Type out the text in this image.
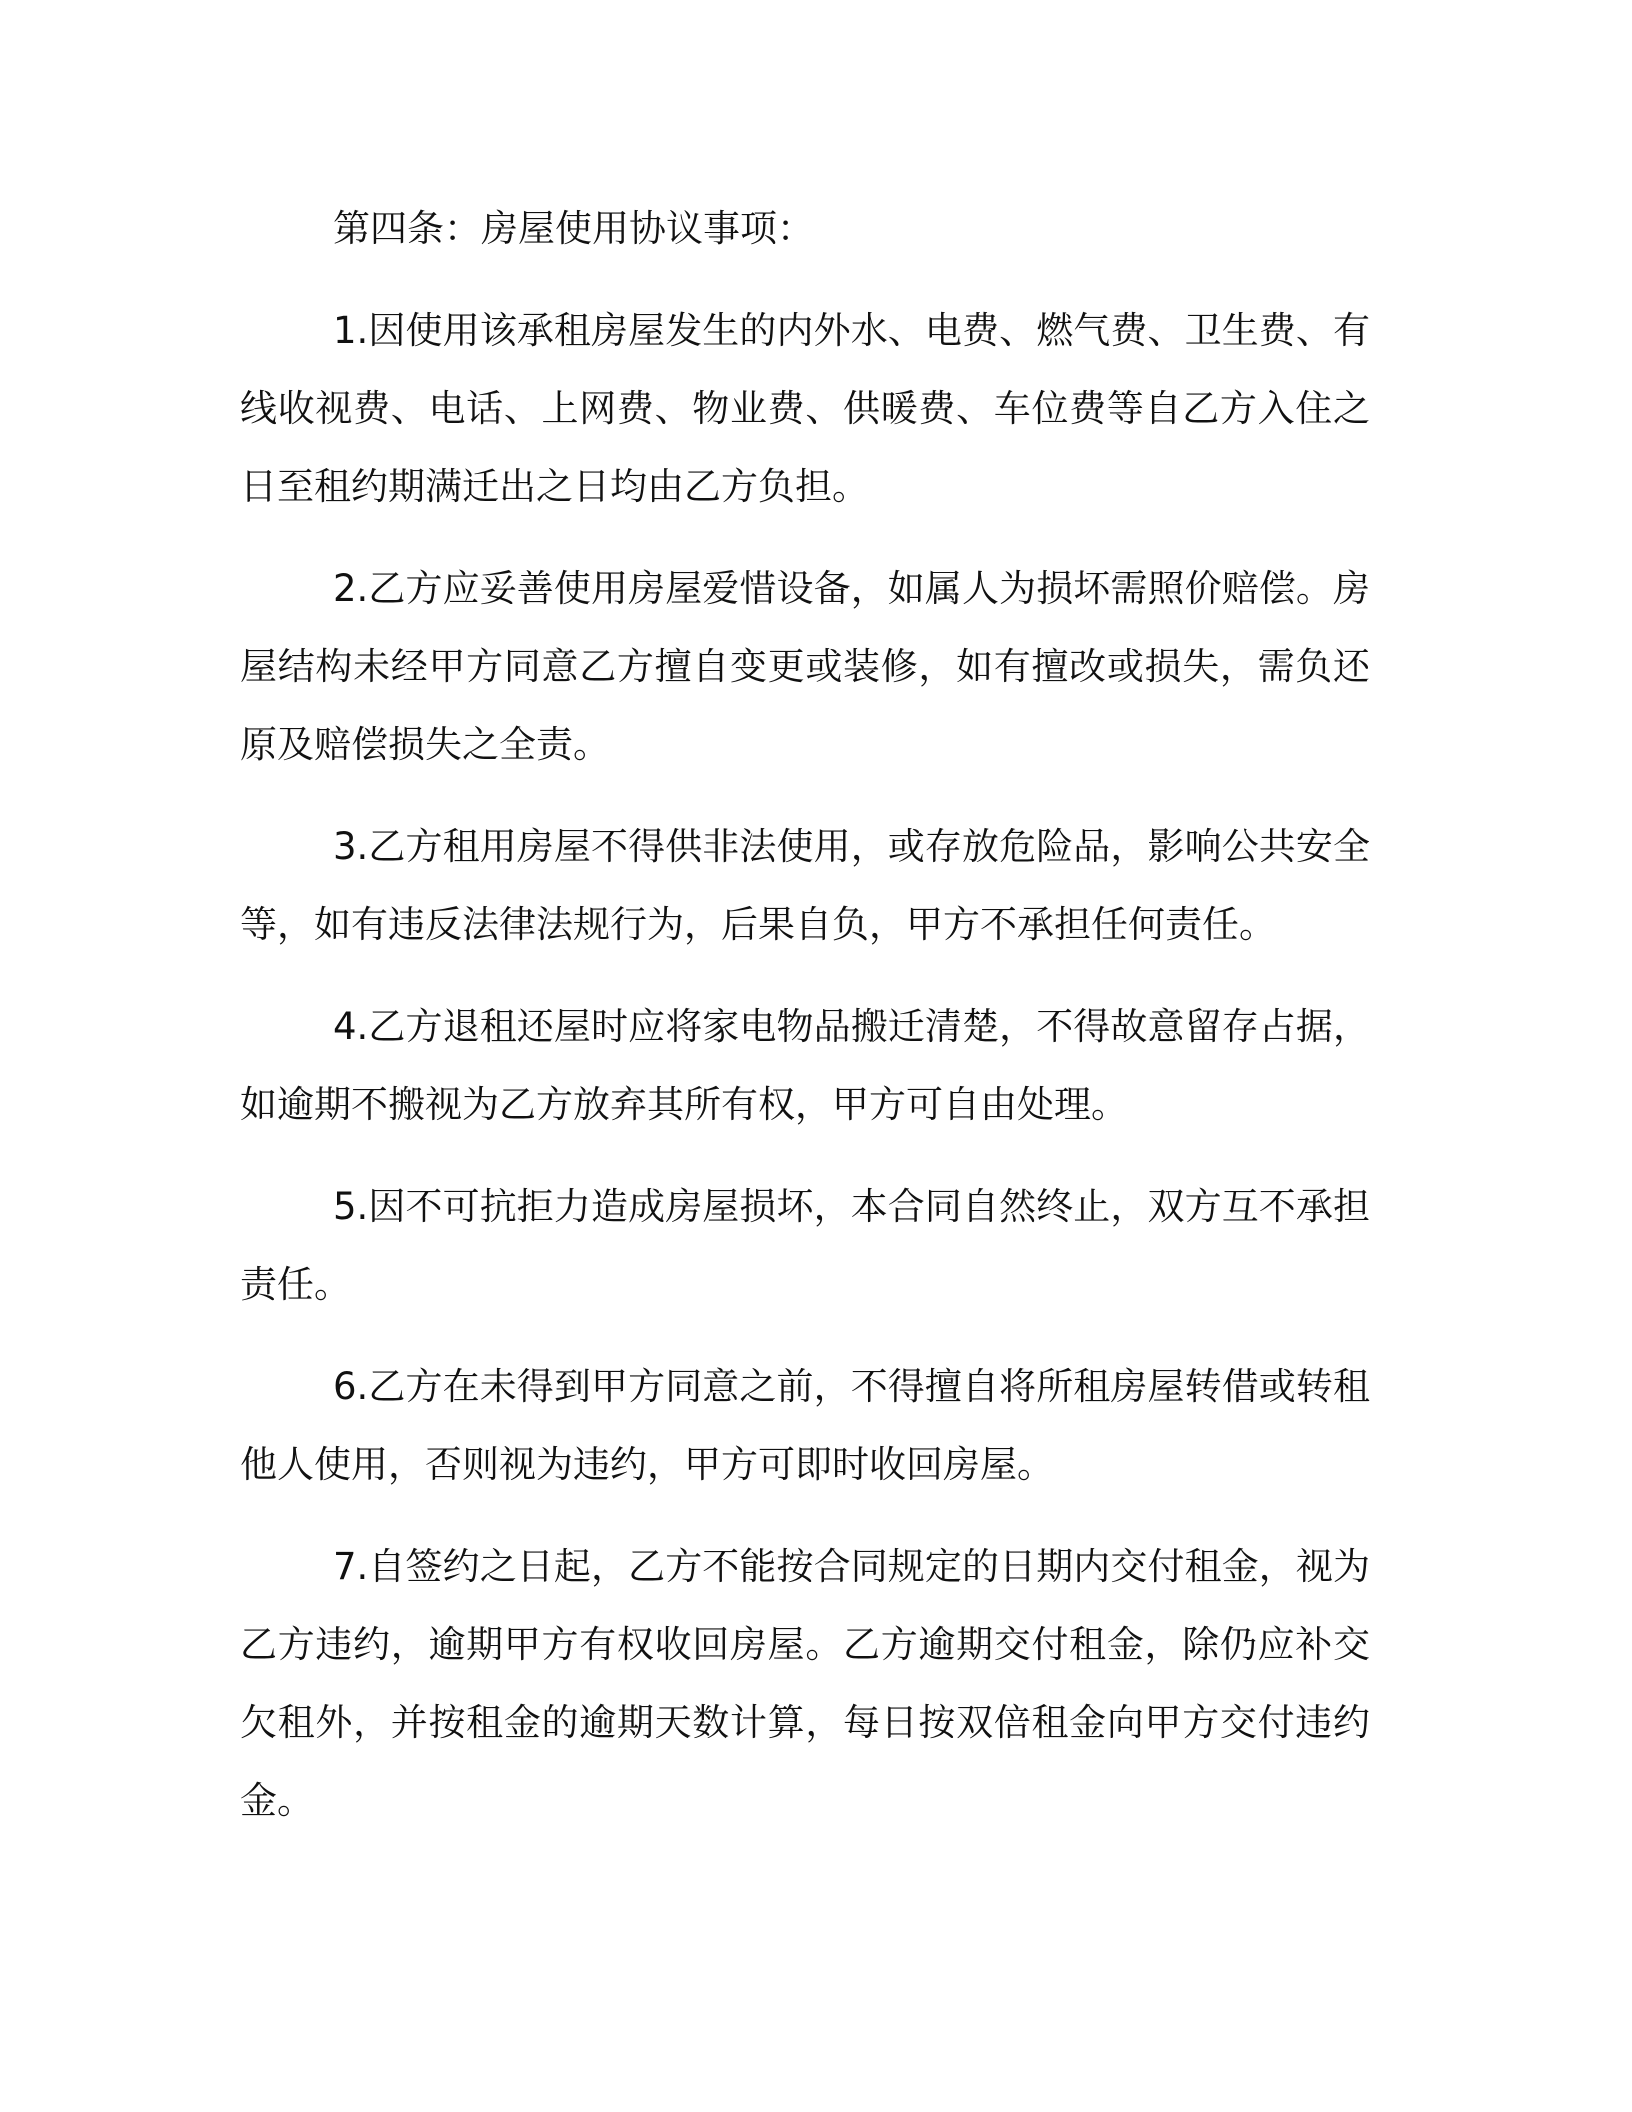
第四条：房屋使用协议事项：

1.因使用该承租房屋发生的内外水、电费、燃气费、卫生费、有线收视费、电话、上网费、物业费、供暖费、车位费等自乙方入住之日至租约期满迁出之日均由乙方负担。

2.乙方应妥善使用房屋爱惜设备，如属人为损坏需照价赔偿。房屋结构未经甲方同意乙方擅自变更或装修，如有擅改或损失，需负还原及赔偿损失之全责。

3.乙方租用房屋不得供非法使用，或存放危险品，影响公共安全等，如有违反法律法规行为，后果自负，甲方不承担任何责任。

4.乙方退租还屋时应将家电物品搬迁清楚，不得故意留存占据，如逾期不搬视为乙方放弃其所有权，甲方可自由处理。

5.因不可抗拒力造成房屋损坏，本合同自然终止，双方互不承担责任。

6.乙方在未得到甲方同意之前，不得擅自将所租房屋转借或转租他人使用，否则视为违约，甲方可即时收回房屋。

7.自签约之日起，乙方不能按合同规定的日期内交付租金，视为乙方违约，逾期甲方有权收回房屋。乙方逾期交付租金，除仍应补交欠租外，并按租金的逾期天数计算，每日按双倍租金向甲方交付违约金。
